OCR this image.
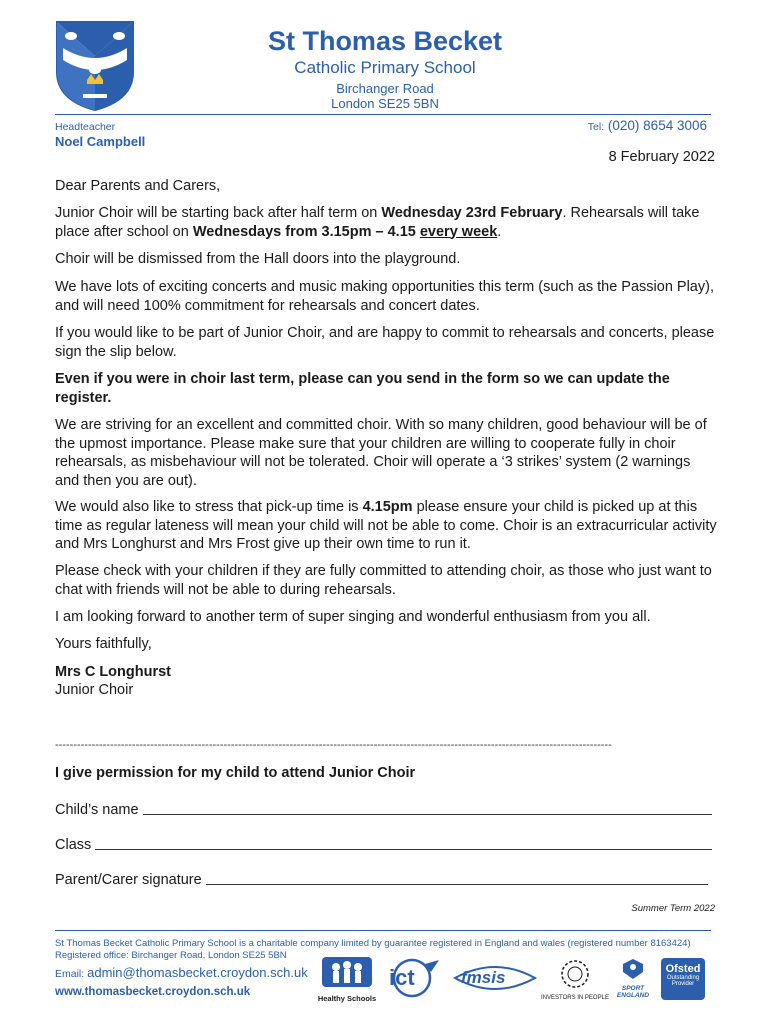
St Thomas Becket
Catholic Primary School
Birchanger Road
London SE25 5BN
Headteacher
Noel Campbell
Tel: (020) 8654 3006
8 February 2022
Dear Parents and Carers,

Junior Choir will be starting back after half term on Wednesday 23rd February. Rehearsals will take place after school on Wednesdays from 3.15pm – 4.15 every week.

Choir will be dismissed from the Hall doors into the playground.

We have lots of exciting concerts and music making opportunities this term (such as the Passion Play), and will need 100% commitment for rehearsals and concert dates.

If you would like to be part of Junior Choir, and are happy to commit to rehearsals and concerts, please sign the slip below.

Even if you were in choir last term, please can you send in the form so we can update the register.

We are striving for an excellent and committed choir. With so many children, good behaviour will be of the upmost importance. Please make sure that your children are willing to cooperate fully in choir rehearsals, as misbehaviour will not be tolerated. Choir will operate a ‘3 strikes’ system (2 warnings and then you are out).

We would also like to stress that pick-up time is 4.15pm please ensure your child is picked up at this time as regular lateness will mean your child will not be able to come. Choir is an extracurricular activity and Mrs Longhurst and Mrs Frost give up their own time to run it.

Please check with your children if they are fully committed to attending choir, as those who just want to chat with friends will not be able to during rehearsals.

I am looking forward to another term of super singing and wonderful enthusiasm from you all.

Yours faithfully,
Mrs C Longhurst
Junior Choir
--------------------------------------------------------------------------------------------------------------------------------------------------------
I give permission for my child to attend Junior Choir
Child’s name
Class
Parent/Carer signature
Summer Term 2022
St Thomas Becket Catholic Primary School is a charitable company limited by guarantee registered in England and wales (registered number 8163424)
Registered office: Birchanger Road, London SE25 5BN
Email: admin@thomasbecket.croydon.sch.uk
www.thomasbecket.croydon.sch.uk
Healthy Schools
ict	fmsis
INVESTORS IN PEOPLE
SPORT
ENGLAND
Ofsted
Outstanding
Provider
